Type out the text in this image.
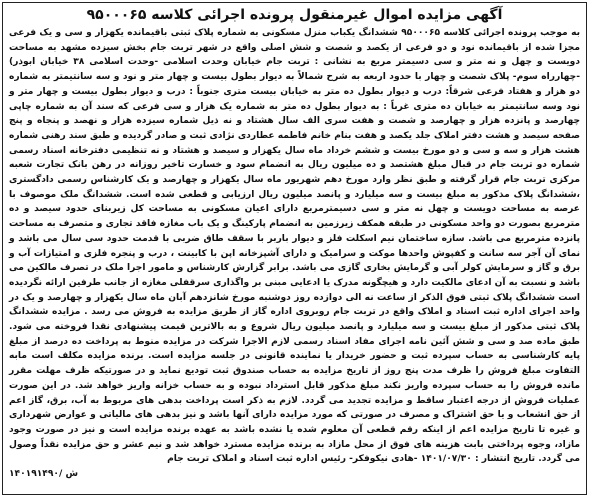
آگهی مزایده اموال غیرمنقول پرونده اجرائی کلاسه ۹۵۰۰۰۶۵

به موجب پرونده اجرائی کلاسه ۹۵۰۰۰۶۵ ششدانگ یکباب منزل مسکونی به شماره پلاک ثبتی باقیمانده یکهزار و سی و یک فرعی مجزا شده از باقیمانده نود و دو فرعی از یکصد و شصت و شش اصلی واقع در شهر تربت جام بخش سیزده مشهد به مساحت دویست و چهل و نه متر و سی دسیمتر مربع به نشانی : تربت جام خیابان وحدت اسلامی -وحدت اسلامی ۳۸ خیابان ابوذر) -چهارراه سوم- پلاک شصت و چهار با حدود اربعه به شرح شمالاً به دیوار بطول بیست و چهار متر و نود و سه سانتیمتر به شماره دو هزار و هفتاد فرعی شرقاً: درب و دیوار بطول ده متر به خیابان بیست متری جنوباً : درب و دیوار بطول بیست و چهار متر و نود وسه سانتیمتر به خیابان ده متری غرباً : به دیوار بطول ده متر به شماره یک هزار و سی فرعی که سند آن به شماره چاپی چهارصد و پانزده هزار و چهارصد و شصت و هفت سری الف سال هشتاد و نه ذیل شماره سیزده هزار و نهصد و پنجاه و پنج صفحه سیصد و هشت دفتر املاک جلد یکصد و هفت بنام خانم فاطمه عطاردی نژادی ثبت و صادر گردیده و طبق سند رهنی شماره هشت هزار و سه و سی و دو مورخ بیست و ششم خرداد ماه سال یکهزار و سیصد و هشتاد و نه تنظیمی دفترخانه اسناد رسمی شماره دو تربت جام در قبال مبلغ هشتصد و ده میلیون ریال به انضمام سود و خسارت تاخیر روزانه در رهن بانک تجارت شعبه مرکزی تربت جام قرار گرفته و طبق نظر وارد مورخ دهم شهریور ماه سال یکهزار و چهارصد و یک کارشناس رسمی دادگستری ،ششدانگ پلاک مذکور به مبلغ بیست و سه میلیارد و پانصد میلیون ریال ارزیابی و قطعی شده است. ششدانگ ملک موصوف با عرصه به مساحت دویست و چهل نه متر و سی دسیمترمربع دارای اعیان مسکونی به مساحت کل زیربنای حدود سیصد و ده مترمربع بصورت دو واحد مسکونی در طبقه همکف زیرزمین به انضمام پارکینگ و یک باب مغازه فاقد تجاری و متصرف به مساحت پانزده مترمربع می باشد. سازه ساختمان نیم اسکلت فلز و دیوار باربر با سقف طاق ضربی با قدمت حدود سی سال می باشد و نمای آن آجر سه سانت و کفپوش واحدها موکت و سرامیک و دارای آشپزخانه اپن با کابینت ، درب و پنجره فلزی و امتیازات آب و برق و گاز و سرمایش کولر آبی و گرمایش بخاری گازی می باشد. برابر گزارش کارشناس و مامور اجرا ملک در تصرف مالکین می باشد و نسبت به آن ادعای مالکیت دارد و هیچگونه مدرک یا ادعایی مبنی بر واگذاری سرقفلی مغازه از جانب طرفین ارائه نگردیده است ششدانگ پلاک ثبتی فوق الذکر از ساعت نه الی دوازده روز دوشنبه مورخ شانزدهم آبان ماه سال یکهزار و چهارصد و یک در واحد اجرای اداره ثبت اسناد و املاک واقع در تربت جام روبروی اداره گاز از طریق مزایده به فروش می رسد . مزایده ششدانگ پلاک ثبتی مذکور از مبلغ بیست و سه میلیارد و پانصد میلیون ریال شروع و به بالاترین قیمت پیشنهادی نقدا فروخته می شود. طبق ماده صد و سی و شش آئین نامه اجرای مفاد اسناد رسمی لازم الاجرا شرکت در مزایده منوط به پرداخت ده درصد از مبلغ پایه کارشناسی به حساب سپرده ثبت و حضور خریدار یا نماینده قانونی در جلسه مزایده است. برنده مزایده مکلف است مابه التفاوت مبلغ فروش را ظرف مدت پنج روز از تاریخ مزایده به حساب صندوق ثبت تودیع نماید و در صورتیکه ظرف مهلت مقرر مانده فروش را به حساب سپرده واریز نکند مبلغ مذکور قابل استرداد نبوده و به حساب خزانه واریز خواهد شد. در این صورت عملیات فروش از درجه اعتبار ساقط و مزایده تجدید می گردد. لازم به ذکر است پرداخت بدهی های مربوط به آب، برق، گاز اعم از حق انشعاب و یا حق اشتراک و مصرف در صورتی که مورد مزایده دارای آنها باشد و نیز بدهی های مالیاتی و عوارض شهرداری و غیره تا تاریخ مزایده اعم از اینکه رقم قطعی آن معلوم شده یا نشده باشد به عهده برنده مزایده است و نیز در صورت وجود مازاد، وجوه پرداختی بابت هزینه های فوق از محل مازاد به برنده مزایده مسترد خواهد شد و نیم عشر و حق مزایده نقداً وصول می گردد. تاریخ انتشار : ۱۴۰۱/۰۷/۳۰ -هادی نیکوفکر- رئیس اداره ثبت اسناد و املاک تربت جام

۱۴۰۱۹۱۴۹۰/ ش
